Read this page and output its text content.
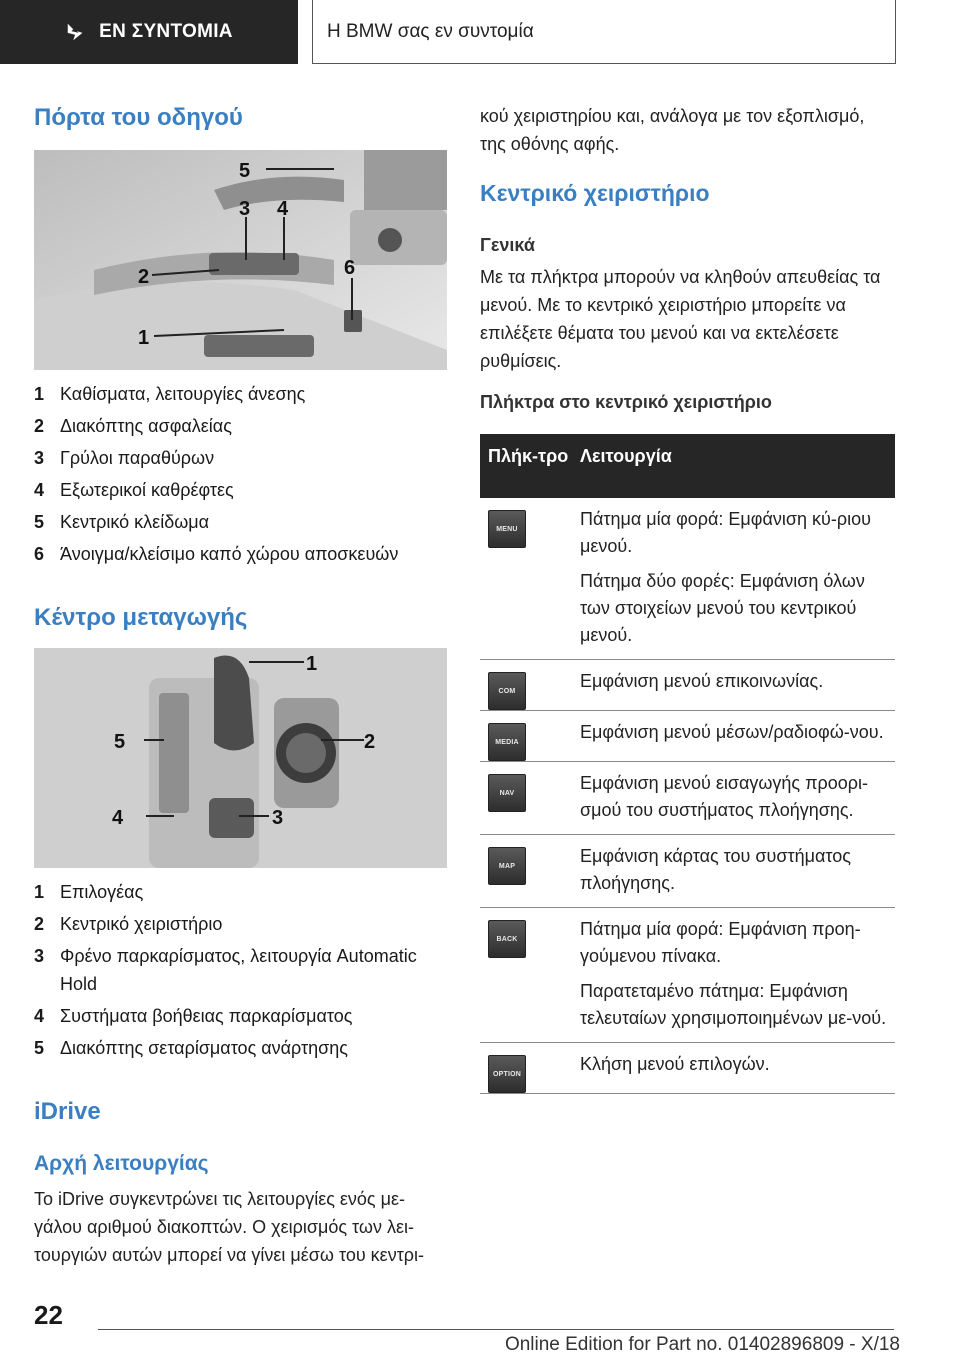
ΕΝ ΣΥΝΤΟΜΙΑ	Η BMW σας εν συντομία
Πόρτα του οδηγού
5
3 4
2
1
6
1 Καθίσματα, λειτουργίες άνεσης
2 Διακόπτης ασφαλείας
3 Γρύλοι παραθύρων
4 Εξωτερικοί καθρέφτες
5 Κεντρικό κλείδωμα
6 Άνοιγμα/κλείσιμο καπό χώρου αποσκευών
Κέντρο μεταγωγής
1
2
3
4
5
1 Επιλογέας
2 Κεντρικό χειριστήριο
3 Φρένο παρκαρίσματος, λειτουργία Automatic Hold
4 Συστήματα βοήθειας παρκαρίσματος
5 Διακόπτης σεταρίσματος ανάρτησης
iDrive
Αρχή λειτουργίας
Το iDrive συγκεντρώνει τις λειτουργίες ενός με-γάλου αριθμού διακοπτών. Ο χειρισμός των λει-τουργιών αυτών μπορεί να γίνει μέσω του κεντρι-
κού χειριστηρίου και, ανάλογα με τον εξοπλισμό, της οθόνης αφής.
Κεντρικό χειριστήριο
Γενικά
Με τα πλήκτρα μπορούν να κληθούν απευθείας τα μενού. Με το κεντρικό χειριστήριο μπορείτε να επιλέξετε θέματα του μενού και να εκτελέσετε ρυθμίσεις.
Πλήκτρα στο κεντρικό χειριστήριο
Πλήκ-τρο Λειτουργία
MENU	Πάτημα μία φορά: Εμφάνιση κύ-ριου μενού.

Πάτημα δύο φορές: Εμφάνιση όλων των στοιχείων μενού του κεντρικού μενού.

COM	Εμφάνιση μενού επικοινωνίας.

MEDIA	Εμφάνιση μενού μέσων/ραδιοφώ-νου.

NAV	Εμφάνιση μενού εισαγωγής προορι-σμού του συστήματος πλοήγησης.

MAP	Εμφάνιση κάρτας του συστήματος πλοήγησης.

BACK	Πάτημα μία φορά: Εμφάνιση προη-γούμενου πίνακα.

Παρατεταμένο πάτημα: Εμφάνιση τελευταίων χρησιμοποιημένων με-νού.

OPTION	Κλήση μενού επιλογών.

22
Online Edition for Part no. 01402896809 - X/18
